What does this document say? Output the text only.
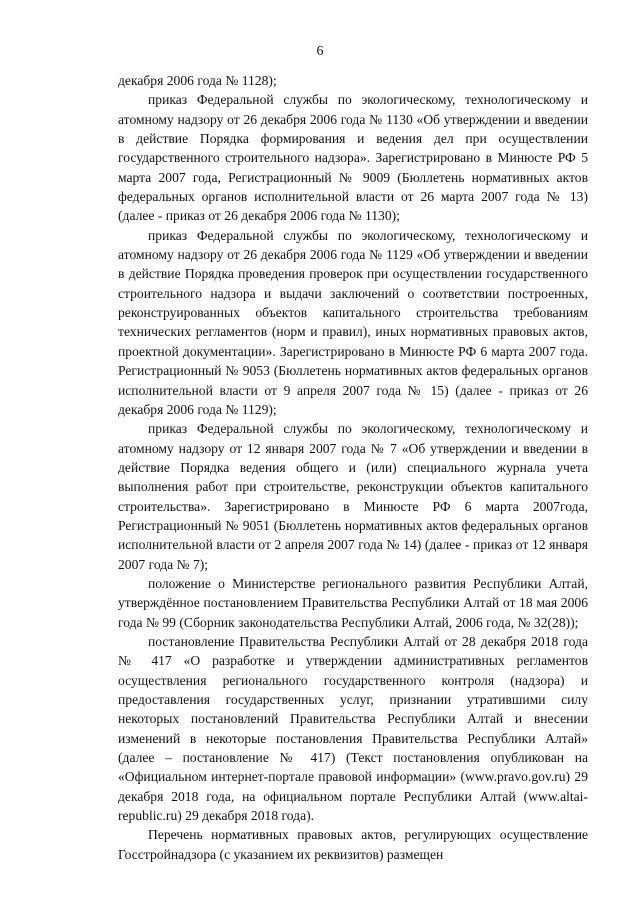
6

декабря 2006 года № 1128);

приказ Федеральной службы по экологическому, технологическому и атомному надзору от 26 декабря 2006 года № 1130 «Об утверждении и введении в действие Порядка формирования и ведения дел при осуществлении государственного строительного надзора». Зарегистрировано в Минюсте РФ 5 марта 2007 года, Регистрационный № 9009 (Бюллетень нормативных актов федеральных органов исполнительной власти от 26 марта 2007 года № 13) (далее - приказ от 26 декабря 2006 года № 1130);

приказ Федеральной службы по экологическому, технологическому и атомному надзору от 26 декабря 2006 года № 1129 «Об утверждении и введении в действие Порядка проведения проверок при осуществлении государственного строительного надзора и выдачи заключений о соответствии построенных, реконструированных объектов капитального строительства требованиям технических регламентов (норм и правил), иных нормативных правовых актов, проектной документации». Зарегистрировано в Минюсте РФ 6 марта 2007 года. Регистрационный № 9053 (Бюллетень нормативных актов федеральных органов исполнительной власти от 9 апреля 2007 года № 15) (далее - приказ от 26 декабря 2006 года № 1129);

приказ Федеральной службы по экологическому, технологическому и атомному надзору от 12 января 2007 года № 7 «Об утверждении и введении в действие Порядка ведения общего и (или) специального журнала учета выполнения работ при строительстве, реконструкции объектов капитального строительства». Зарегистрировано в Минюсте РФ 6 марта 2007года, Регистрационный № 9051 (Бюллетень нормативных актов федеральных органов исполнительной власти от 2 апреля 2007 года № 14) (далее - приказ от 12 января 2007 года № 7);

положение о Министерстве регионального развития Республики Алтай, утверждённое постановлением Правительства Республики Алтай от 18 мая 2006 года № 99 (Сборник законодательства Республики Алтай, 2006 года, № 32(28));

постановление Правительства Республики Алтай от 28 декабря 2018 года № 417 «О разработке и утверждении административных регламентов осуществления регионального государственного контроля (надзора) и предоставления государственных услуг, признании утратившими силу некоторых постановлений Правительства Республики Алтай и внесении изменений в некоторые постановления Правительства Республики Алтай» (далее – постановление № 417) (Текст постановления опубликован на «Официальном интернет-портале правовой информации» (www.pravo.gov.ru) 29 декабря 2018 года, на официальном портале Республики Алтай (www.altai-republic.ru) 29 декабря 2018 года).

Перечень нормативных правовых актов, регулирующих осуществление Госстройнадзора (с указанием их реквизитов) размещен
